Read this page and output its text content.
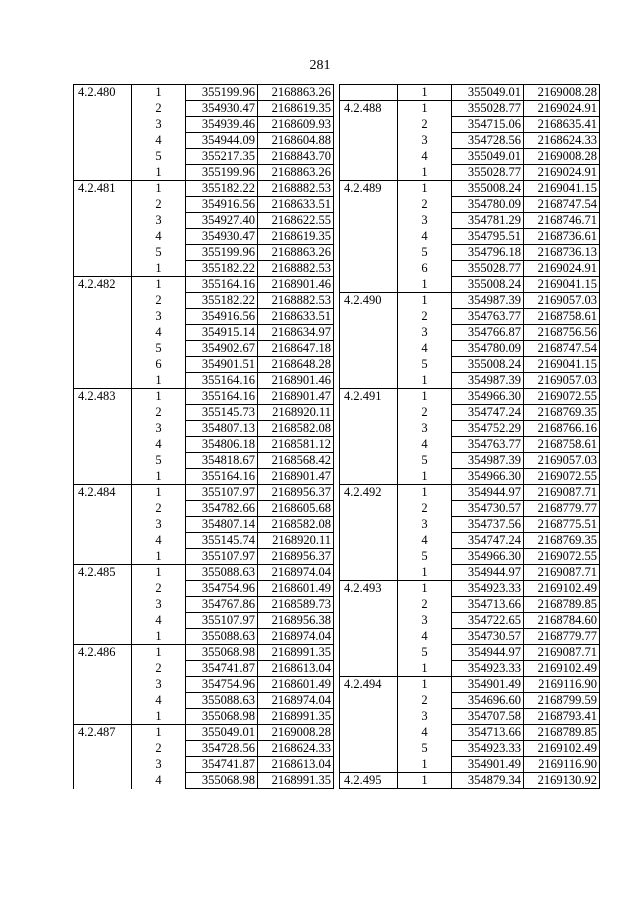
281
4.2.480	1	355199.96	2168863.26
	2	354930.47	2168619.35
	3	354939.46	2168609.93
	4	354944.09	2168604.88
	5	355217.35	2168843.70
	1	355199.96	2168863.26
4.2.481	1	355182.22	2168882.53
	2	354916.56	2168633.51
	3	354927.40	2168622.55
	4	354930.47	2168619.35
	5	355199.96	2168863.26
	1	355182.22	2168882.53
4.2.482	1	355164.16	2168901.46
	2	355182.22	2168882.53
	3	354916.56	2168633.51
	4	354915.14	2168634.97
	5	354902.67	2168647.18
	6	354901.51	2168648.28
	1	355164.16	2168901.46
4.2.483	1	355164.16	2168901.47
	2	355145.73	2168920.11
	3	354807.13	2168582.08
	4	354806.18	2168581.12
	5	354818.67	2168568.42
	1	355164.16	2168901.47
4.2.484	1	355107.97	2168956.37
	2	354782.66	2168605.68
	3	354807.14	2168582.08
	4	355145.74	2168920.11
	1	355107.97	2168956.37
4.2.485	1	355088.63	2168974.04
	2	354754.96	2168601.49
	3	354767.86	2168589.73
	4	355107.97	2168956.38
	1	355088.63	2168974.04
4.2.486	1	355068.98	2168991.35
	2	354741.87	2168613.04
	3	354754.96	2168601.49
	4	355088.63	2168974.04
	1	355068.98	2168991.35
4.2.487	1	355049.01	2169008.28
	2	354728.56	2168624.33
	3	354741.87	2168613.04
	4	355068.98	2168991.35
	1	355049.01	2169008.28
4.2.488	1	355028.77	2169024.91
	2	354715.06	2168635.41
	3	354728.56	2168624.33
	4	355049.01	2169008.28
	1	355028.77	2169024.91
4.2.489	1	355008.24	2169041.15
	2	354780.09	2168747.54
	3	354781.29	2168746.71
	4	354795.51	2168736.61
	5	354796.18	2168736.13
	6	355028.77	2169024.91
	1	355008.24	2169041.15
4.2.490	1	354987.39	2169057.03
	2	354763.77	2168758.61
	3	354766.87	2168756.56
	4	354780.09	2168747.54
	5	355008.24	2169041.15
	1	354987.39	2169057.03
4.2.491	1	354966.30	2169072.55
	2	354747.24	2168769.35
	3	354752.29	2168766.16
	4	354763.77	2168758.61
	5	354987.39	2169057.03
	1	354966.30	2169072.55
4.2.492	1	354944.97	2169087.71
	2	354730.57	2168779.77
	3	354737.56	2168775.51
	4	354747.24	2168769.35
	5	354966.30	2169072.55
	1	354944.97	2169087.71
4.2.493	1	354923.33	2169102.49
	2	354713.66	2168789.85
	3	354722.65	2168784.60
	4	354730.57	2168779.77
	5	354944.97	2169087.71
	1	354923.33	2169102.49
4.2.494	1	354901.49	2169116.90
	2	354696.60	2168799.59
	3	354707.58	2168793.41
	4	354713.66	2168789.85
	5	354923.33	2169102.49
	1	354901.49	2169116.90
4.2.495	1	354879.34	2169130.92
